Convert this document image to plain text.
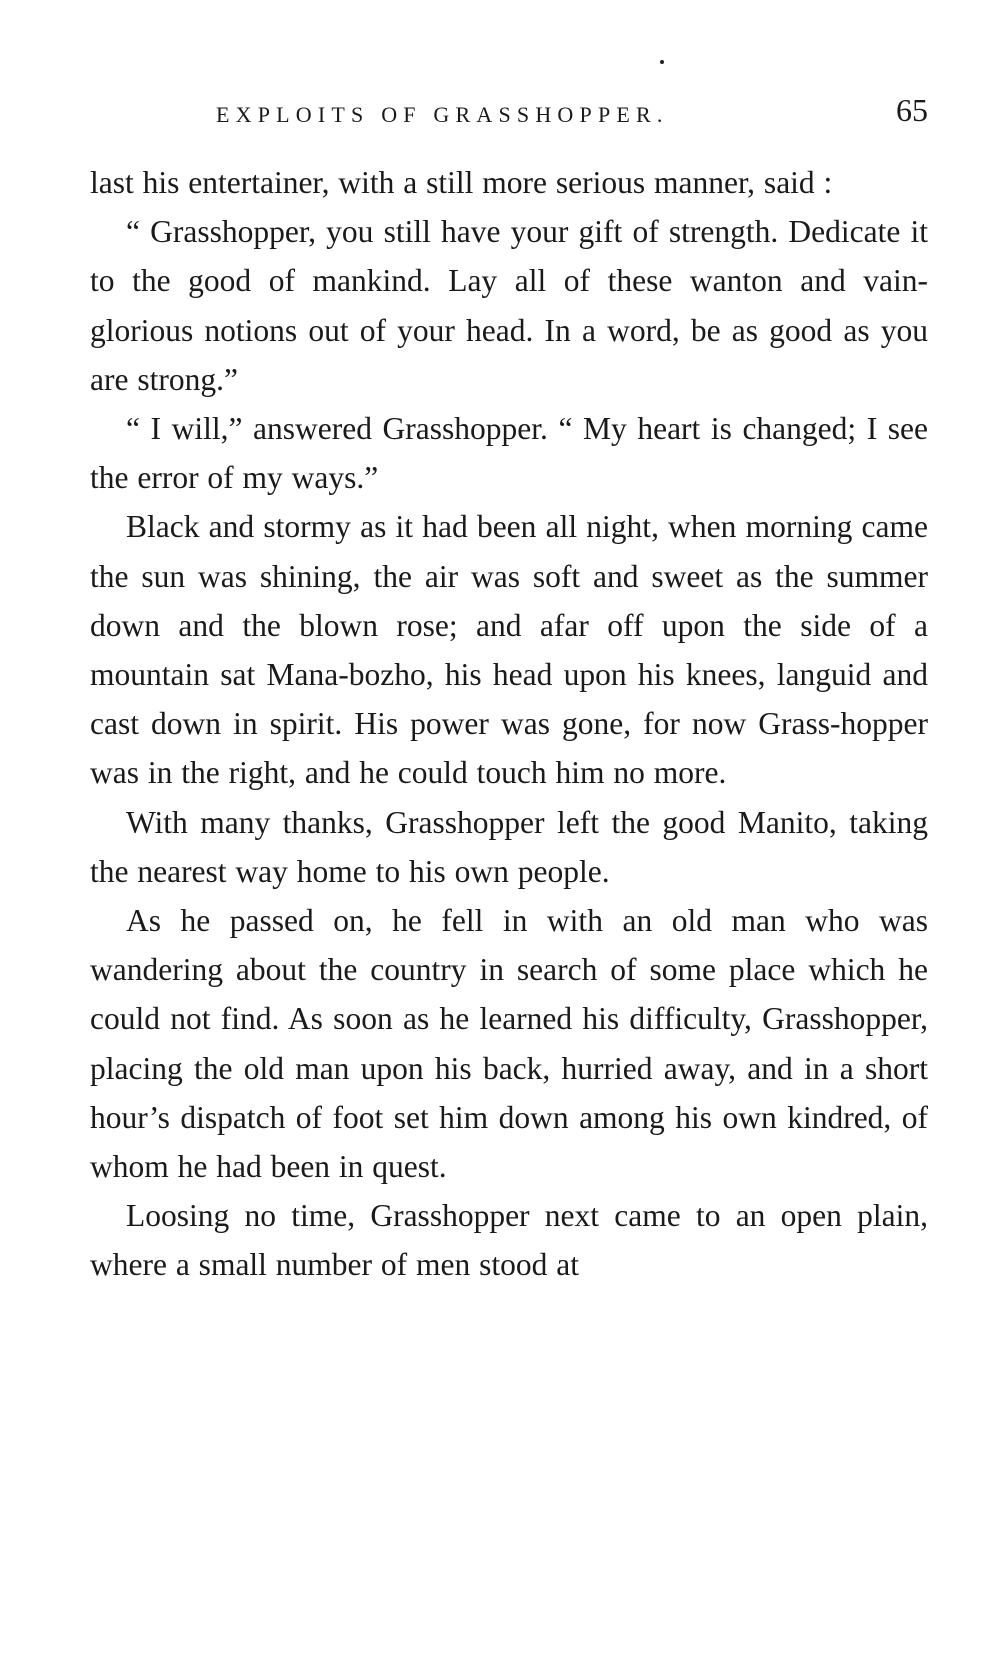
EXPLOITS OF GRASSHOPPER.	65

last his entertainer, with a still more serious manner, said :

“ Grasshopper, you still have your gift of strength. Dedicate it to the good of mankind. Lay all of these wanton and vain-glorious notions out of your head. In a word, be as good as you are strong.”

“ I will,” answered Grasshopper. “ My heart is changed; I see the error of my ways.”

Black and stormy as it had been all night, when morning came the sun was shining, the air was soft and sweet as the summer down and the blown rose; and afar off upon the side of a mountain sat Mana-bozho, his head upon his knees, languid and cast down in spirit. His power was gone, for now Grass-hopper was in the right, and he could touch him no more.

With many thanks, Grasshopper left the good Manito, taking the nearest way home to his own people.

As he passed on, he fell in with an old man who was wandering about the country in search of some place which he could not find. As soon as he learned his difficulty, Grasshopper, placing the old man upon his back, hurried away, and in a short hour’s dispatch of foot set him down among his own kindred, of whom he had been in quest.

Loosing no time, Grasshopper next came to an open plain, where a small number of men stood at
